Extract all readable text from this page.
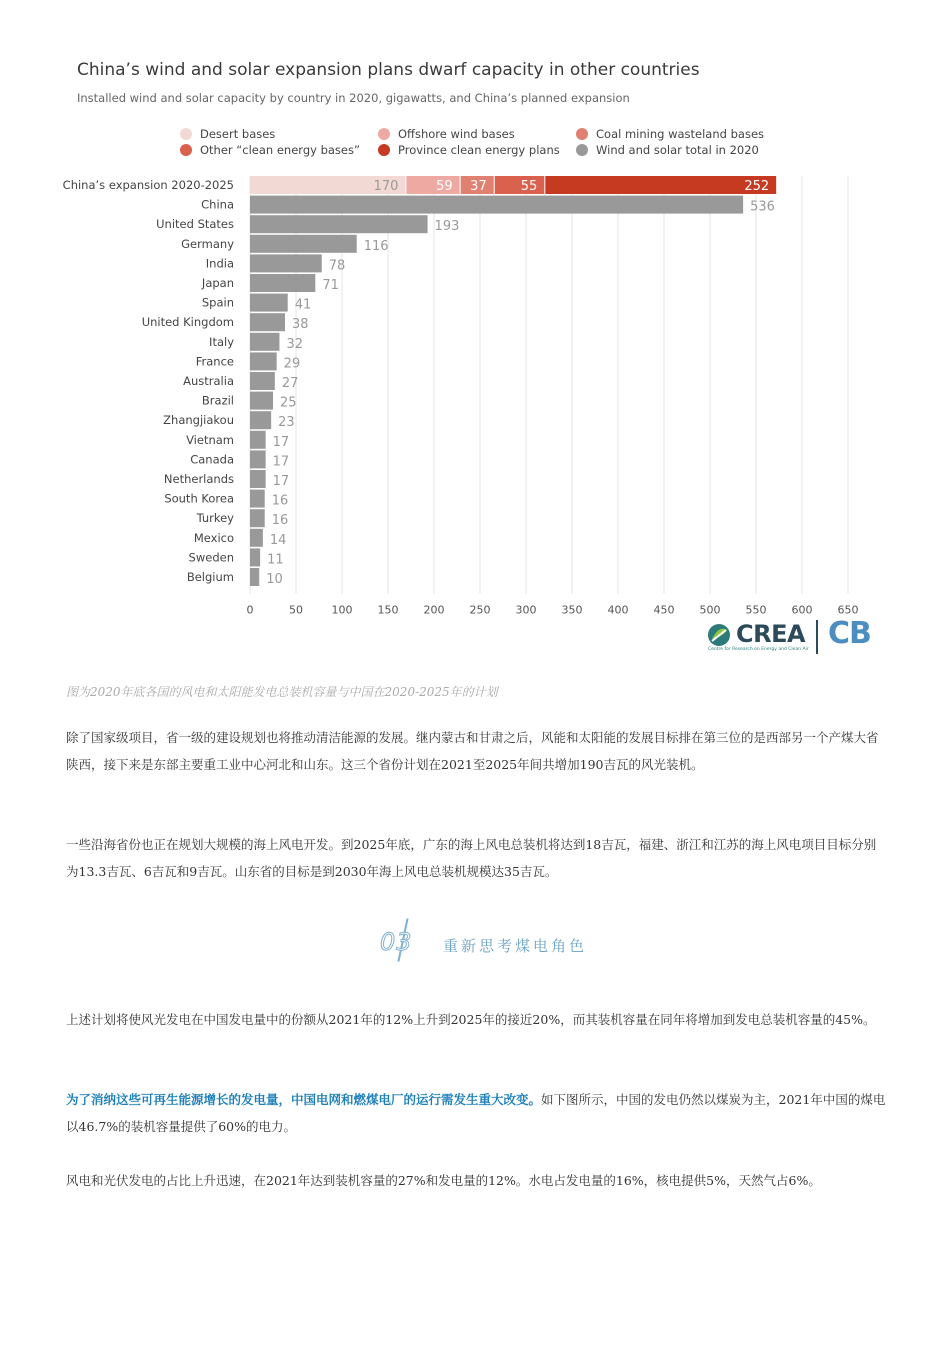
China’s wind and solar expansion plans dwarf capacity in other countries
Installed wind and solar capacity by country in 2020, gigawatts, and China’s planned expansion
Desert bases	Offshore wind bases	Coal mining wasteland bases
Other “clean energy bases”	Province clean energy plans	Wind and solar total in 2020
0	50	100 150 200 250 300 350 400 450 500 550 600 650
China’s expansion 2020-2025	170	59 37	55	252
China	536
United States	193
Germany	116
India	78
Japan	71
Spain	41
United Kingdom	38
Italy	32
France	29
Australia	27
Brazil	25
Zhangjiakou	23
Vietnam	17
Canada	17
Netherlands	17
South Korea	16
Turkey	16
Mexico	14
Sweden	11
Belgium 10
CREA
Centre for Research on Energy and Clean Air CB
图为2020年底各国的风电和太阳能发电总装机容量与中国在2020-2025年的计划
除了国家级项目，省一级的建设规划也将推动清洁能源的发展。继内蒙古和甘肃之后，风能和太阳能的发展目标排在第三位的是西部另一个产煤大省陕西，接下来是东部主要重工业中心河北和山东。这三个省份计划在2021至2025年间共增加190吉瓦的风光装机。
一些沿海省份也正在规划大规模的海上风电开发。到2025年底，广东的海上风电总装机将达到18吉瓦，福建、浙江和江苏的海上风电项目目标分别为13.3吉瓦、6吉瓦和9吉瓦。山东省的目标是到2030年海上风电总装机规模达35吉瓦。
03 重新思考煤电角色
上述计划将使风光发电在中国发电量中的份额从2021年的12%上升到2025年的接近20%，而其装机容量在同年将增加到发电总装机容量的45%。
为了消纳这些可再生能源增长的发电量，中国电网和燃煤电厂的运行需发生重大改变。如下图所示，中国的发电仍然以煤炭为主，2021年中国的煤电以46.7%的装机容量提供了60%的电力。
风电和光伏发电的占比上升迅速，在2021年达到装机容量的27%和发电量的12%。水电占发电量的16%，核电提供5%，天然气占6%。
